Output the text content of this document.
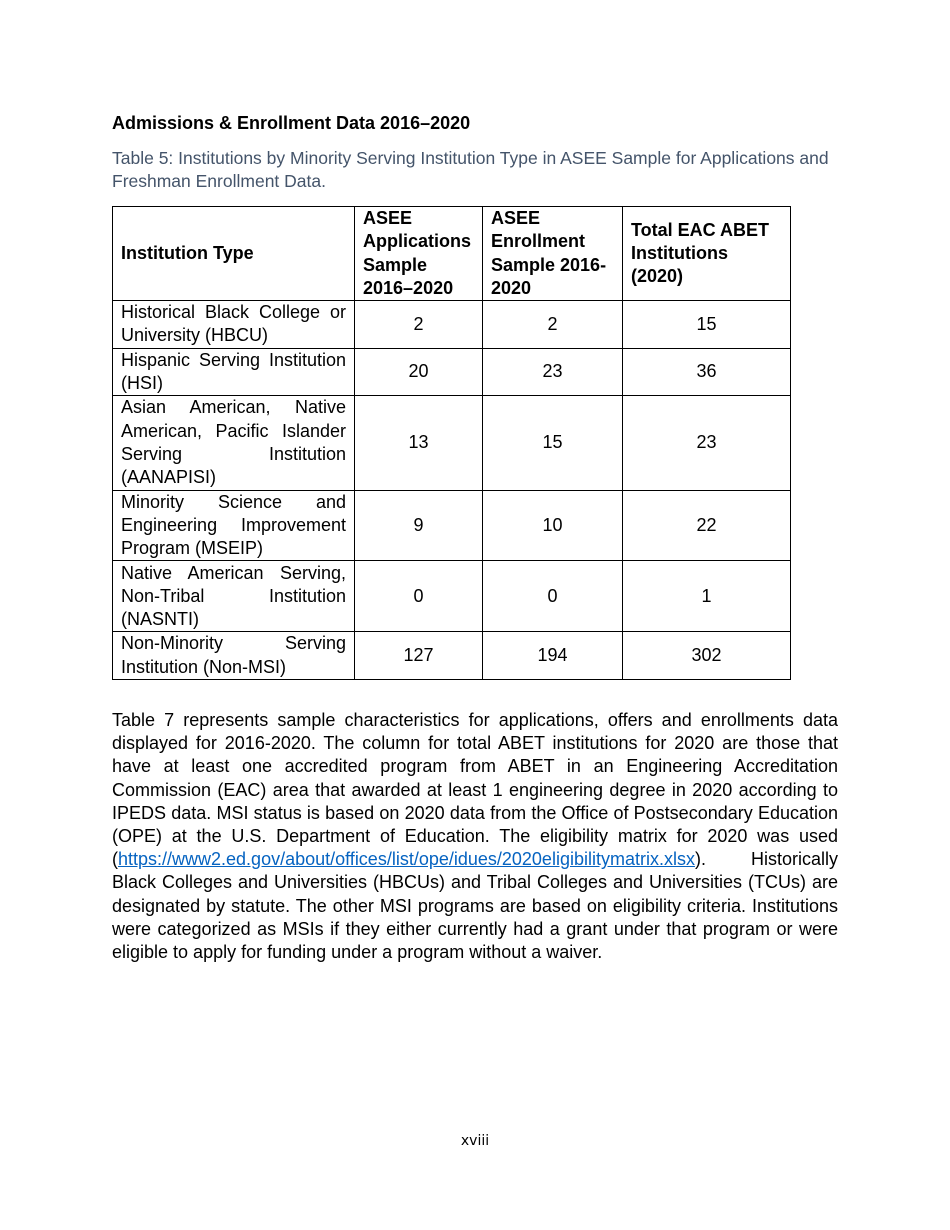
Admissions & Enrollment Data 2016–2020

Table 5: Institutions by Minority Serving Institution Type in ASEE Sample for Applications and Freshman Enrollment Data.

Institution Type	ASEE Applications Sample 2016–2020	ASEE Enrollment Sample 2016-2020	Total EAC ABET Institutions (2020)
Historical Black College or University (HBCU)	2	2	15
Hispanic Serving Institution (HSI)	20	23	36
Asian American, Native American, Pacific Islander Serving Institution (AANAPISI)	13	15	23
Minority Science and Engineering Improvement Program (MSEIP)	9	10	22
Native American Serving, Non-Tribal Institution (NASNTI)	0	0	1
Non-Minority Serving Institution (Non-MSI)	127	194	302

Table 7 represents sample characteristics for applications, offers and enrollments data displayed for 2016-2020. The column for total ABET institutions for 2020 are those that have at least one accredited program from ABET in an Engineering Accreditation Commission (EAC) area that awarded at least 1 engineering degree in 2020 according to IPEDS data. MSI status is based on 2020 data from the Office of Postsecondary Education (OPE) at the U.S. Department of Education. The eligibility matrix for 2020 was used (https://www2.ed.gov/about/offices/list/ope/idues/2020eligibilitymatrix.xlsx). Historically Black Colleges and Universities (HBCUs) and Tribal Colleges and Universities (TCUs) are designated by statute. The other MSI programs are based on eligibility criteria. Institutions were categorized as MSIs if they either currently had a grant under that program or were eligible to apply for funding under a program without a waiver.

xviii
